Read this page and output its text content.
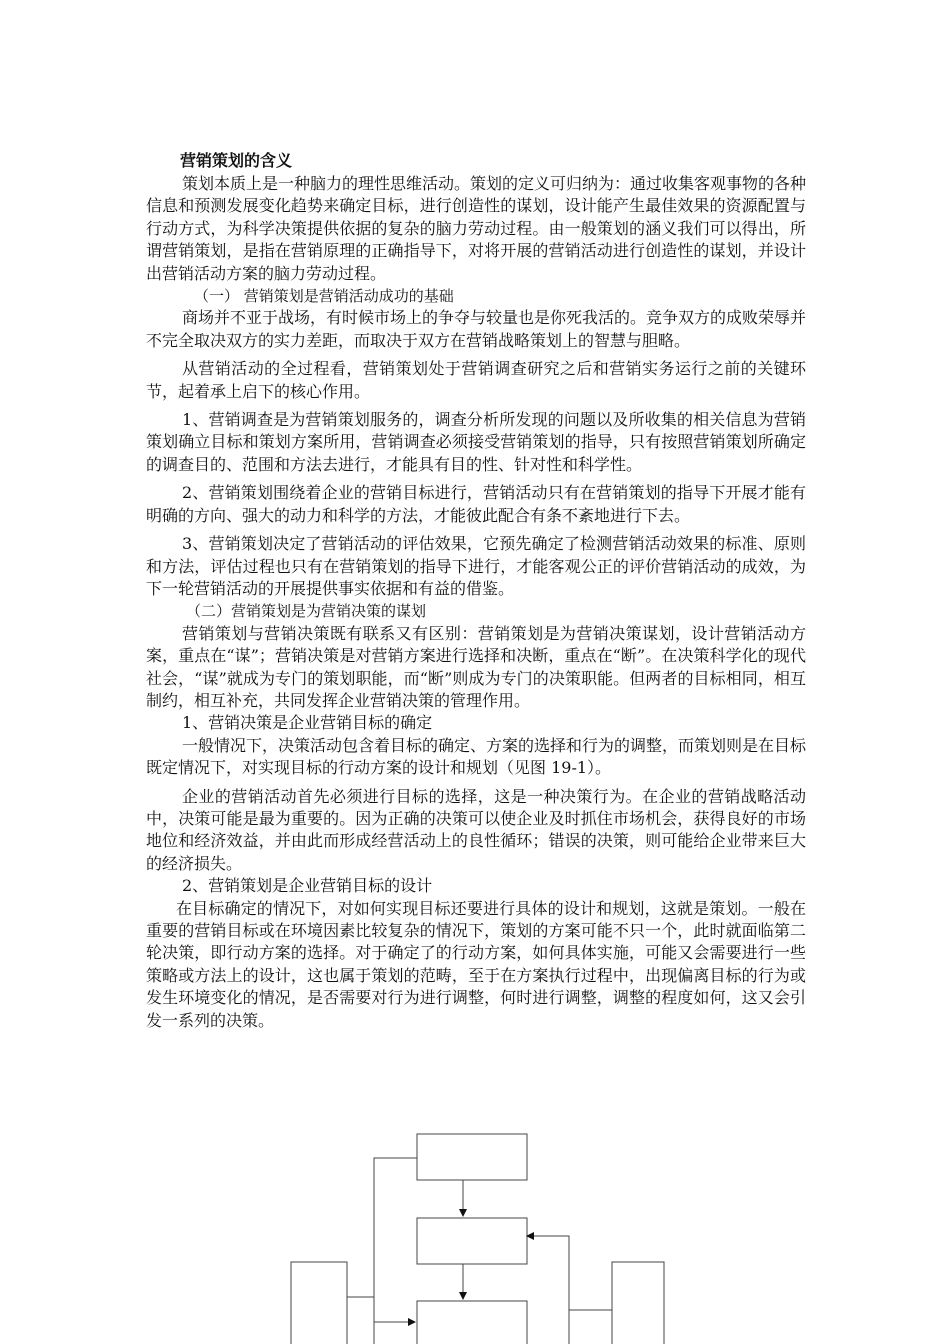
营销策划的含义

策划本质上是一种脑力的理性思维活动。策划的定义可归纳为：通过收集客观事物的各种信息和预测发展变化趋势来确定目标，进行创造性的谋划，设计能产生最佳效果的资源配置与行动方式，为科学决策提供依据的复杂的脑力劳动过程。由一般策划的涵义我们可以得出，所谓营销策划，是指在营销原理的正确指导下，对将开展的营销活动进行创造性的谋划，并设计出营销活动方案的脑力劳动过程。

（一） 营销策划是营销活动成功的基础

商场并不亚于战场，有时候市场上的争夺与较量也是你死我活的。竞争双方的成败荣辱并不完全取决双方的实力差距，而取决于双方在营销战略策划上的智慧与胆略。

从营销活动的全过程看，营销策划处于营销调查研究之后和营销实务运行之前的关键环节，起着承上启下的核心作用。

1、营销调查是为营销策划服务的，调查分析所发现的问题以及所收集的相关信息为营销策划确立目标和策划方案所用，营销调查必须接受营销策划的指导，只有按照营销策划所确定的调查目的、范围和方法去进行，才能具有目的性、针对性和科学性。

2、营销策划围绕着企业的营销目标进行，营销活动只有在营销策划的指导下开展才能有明确的方向、强大的动力和科学的方法，才能彼此配合有条不紊地进行下去。

3、营销策划决定了营销活动的评估效果，它预先确定了检测营销活动效果的标准、原则和方法，评估过程也只有在营销策划的指导下进行，才能客观公正的评价营销活动的成效，为下一轮营销活动的开展提供事实依据和有益的借鉴。

（二）营销策划是为营销决策的谋划

营销策划与营销决策既有联系又有区别：营销策划是为营销决策谋划，设计营销活动方案，重点在“谋”；营销决策是对营销方案进行选择和决断，重点在“断”。在决策科学化的现代社会，“谋”就成为专门的策划职能，而“断”则成为专门的决策职能。但两者的目标相同，相互制约，相互补充，共同发挥企业营销决策的管理作用。

1、营销决策是企业营销目标的确定

一般情况下，决策活动包含着目标的确定、方案的选择和行为的调整，而策划则是在目标既定情况下，对实现目标的行动方案的设计和规划（见图 19-1）。

企业的营销活动首先必须进行目标的选择，这是一种决策行为。在企业的营销战略活动中，决策可能是最为重要的。因为正确的决策可以使企业及时抓住市场机会，获得良好的市场地位和经济效益，并由此而形成经营活动上的良性循环；错误的决策，则可能给企业带来巨大的经济损失。

2、营销策划是企业营销目标的设计

在目标确定的情况下，对如何实现目标还要进行具体的设计和规划，这就是策划。一般在重要的营销目标或在环境因素比较复杂的情况下，策划的方案可能不只一个，此时就面临第二轮决策，即行动方案的选择。对于确定了的行动方案，如何具体实施，可能又会需要进行一些策略或方法上的设计，这也属于策划的范畴，至于在方案执行过程中，出现偏离目标的行为或发生环境变化的情况，是否需要对行为进行调整，何时进行调整，调整的程度如何，这又会引发一系列的决策。
